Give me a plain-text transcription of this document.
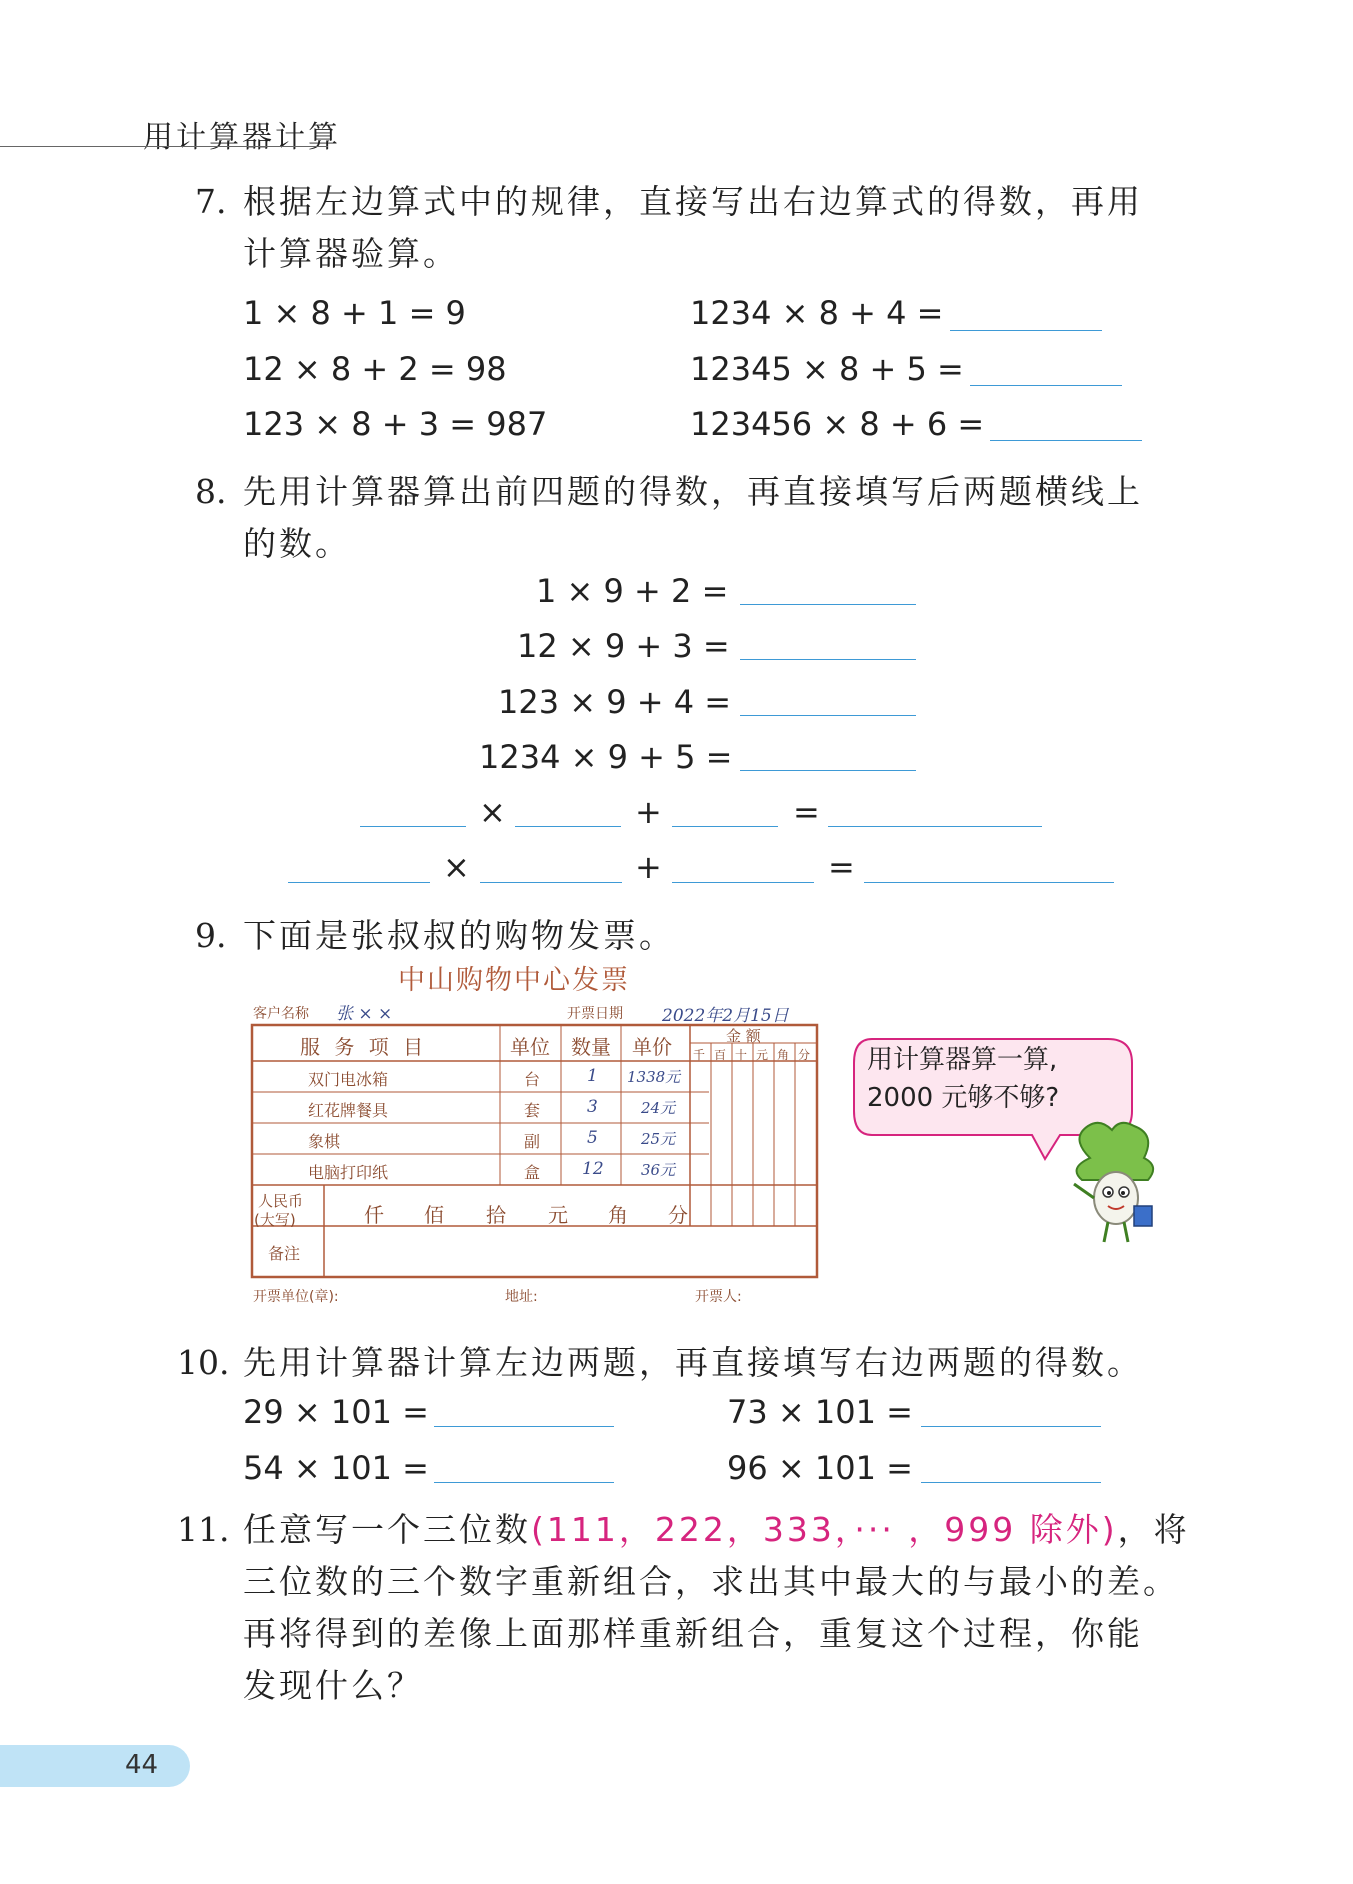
用计算器计算
7. 根据左边算式中的规律，直接写出右边算式的得数，再用
计算器验算。
1 × 8 + 1 = 9
12 × 8 + 2 = 98
123 × 8 + 3 = 987
1234 × 8 + 4 =
12345 × 8 + 5 =
123456 × 8 + 6 =
8. 先用计算器算出前四题的得数，再直接填写后两题横线上
的数。
1 × 9 + 2 =
12 × 9 + 3 =
123 × 9 + 4 =
1234 × 9 + 5 =
×	+	=
×	+	=
9. 下面是张叔叔的购物发票。
中山购物中心发票
客户名称 张 × ×	开票日期 2022年2月15日
服 务 项 目	单位 数量 单价	金 额
千 百 十 元 角 分
双门电冰箱	台	1 1338元
红花牌餐具	套	3	24元
象棋	副	5	25元
电脑打印纸	盒 12 36元
人民币
(大写)	仟 佰 拾 元 角 分
备注
开票单位(章):	地址:	开票人:
用计算器算一算,
2000 元够不够?
10. 先用计算器计算左边两题，再直接填写右边两题的得数。
29 × 101 =
54 × 101 =
73 × 101 =
96 × 101 =
11. 任意写一个三位数(111，222，333，··· ，999 除外)，将
三位数的三个数字重新组合，求出其中最大的与最小的差。
再将得到的差像上面那样重新组合，重复这个过程，你能
发现什么？
44
